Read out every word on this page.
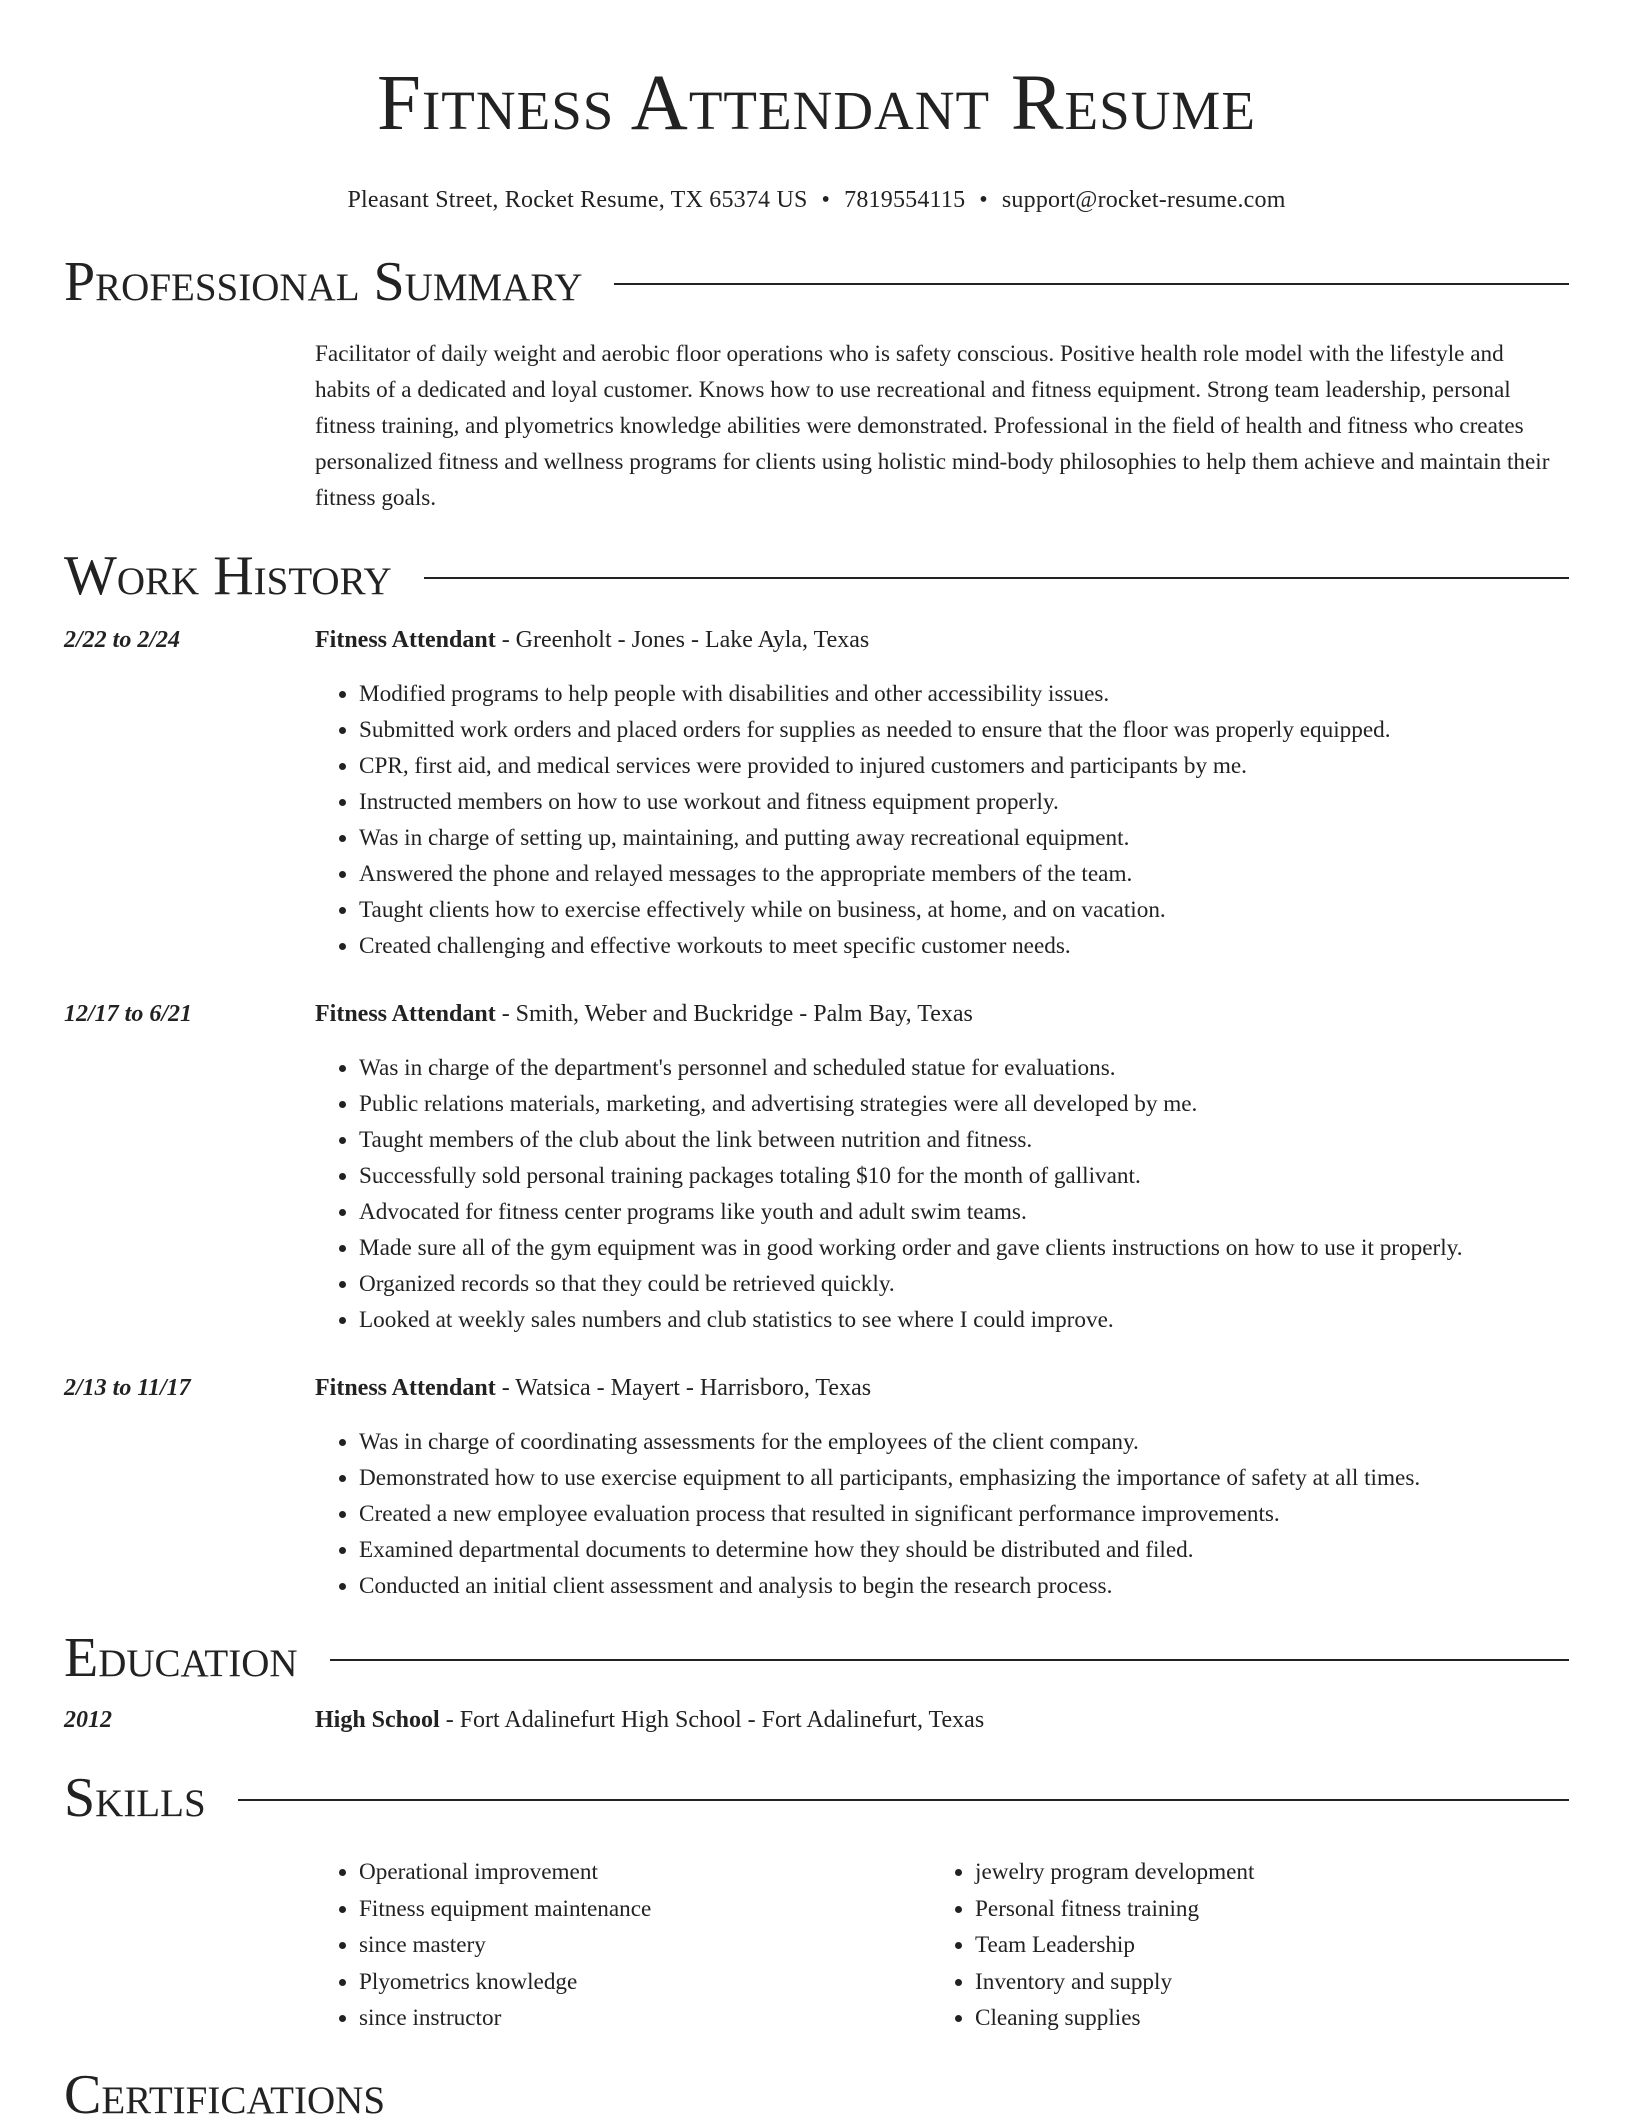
Fitness Attendant Resume
Pleasant Street, Rocket Resume, TX 65374 US • 7819554115 • support@rocket-resume.com
Professional Summary
Facilitator of daily weight and aerobic floor operations who is safety conscious. Positive health role model with the lifestyle and habits of a dedicated and loyal customer. Knows how to use recreational and fitness equipment. Strong team leadership, personal fitness training, and plyometrics knowledge abilities were demonstrated. Professional in the field of health and fitness who creates personalized fitness and wellness programs for clients using holistic mind-body philosophies to help them achieve and maintain their fitness goals.
Work History
2/22 to 2/24	Fitness Attendant - Greenholt - Jones - Lake Ayla, Texas
• Modified programs to help people with disabilities and other accessibility issues.
• Submitted work orders and placed orders for supplies as needed to ensure that the floor was properly equipped.
• CPR, first aid, and medical services were provided to injured customers and participants by me.
• Instructed members on how to use workout and fitness equipment properly.
• Was in charge of setting up, maintaining, and putting away recreational equipment.
• Answered the phone and relayed messages to the appropriate members of the team.
• Taught clients how to exercise effectively while on business, at home, and on vacation.
• Created challenging and effective workouts to meet specific customer needs.
12/17 to 6/21	Fitness Attendant - Smith, Weber and Buckridge - Palm Bay, Texas
• Was in charge of the department's personnel and scheduled statue for evaluations.
• Public relations materials, marketing, and advertising strategies were all developed by me.
• Taught members of the club about the link between nutrition and fitness.
• Successfully sold personal training packages totaling $10 for the month of gallivant.
• Advocated for fitness center programs like youth and adult swim teams.
• Made sure all of the gym equipment was in good working order and gave clients instructions on how to use it properly.
• Organized records so that they could be retrieved quickly.
• Looked at weekly sales numbers and club statistics to see where I could improve.
2/13 to 11/17	Fitness Attendant - Watsica - Mayert - Harrisboro, Texas
• Was in charge of coordinating assessments for the employees of the client company.
• Demonstrated how to use exercise equipment to all participants, emphasizing the importance of safety at all times.
• Created a new employee evaluation process that resulted in significant performance improvements.
• Examined departmental documents to determine how they should be distributed and filed.
• Conducted an initial client assessment and analysis to begin the research process.
Education
2012	High School - Fort Adalinefurt High School - Fort Adalinefurt, Texas
Skills
• Operational improvement
• Fitness equipment maintenance
• since mastery
• Plyometrics knowledge
• since instructor
• jewelry program development
• Personal fitness training
• Team Leadership
• Inventory and supply
• Cleaning supplies
Certifications
